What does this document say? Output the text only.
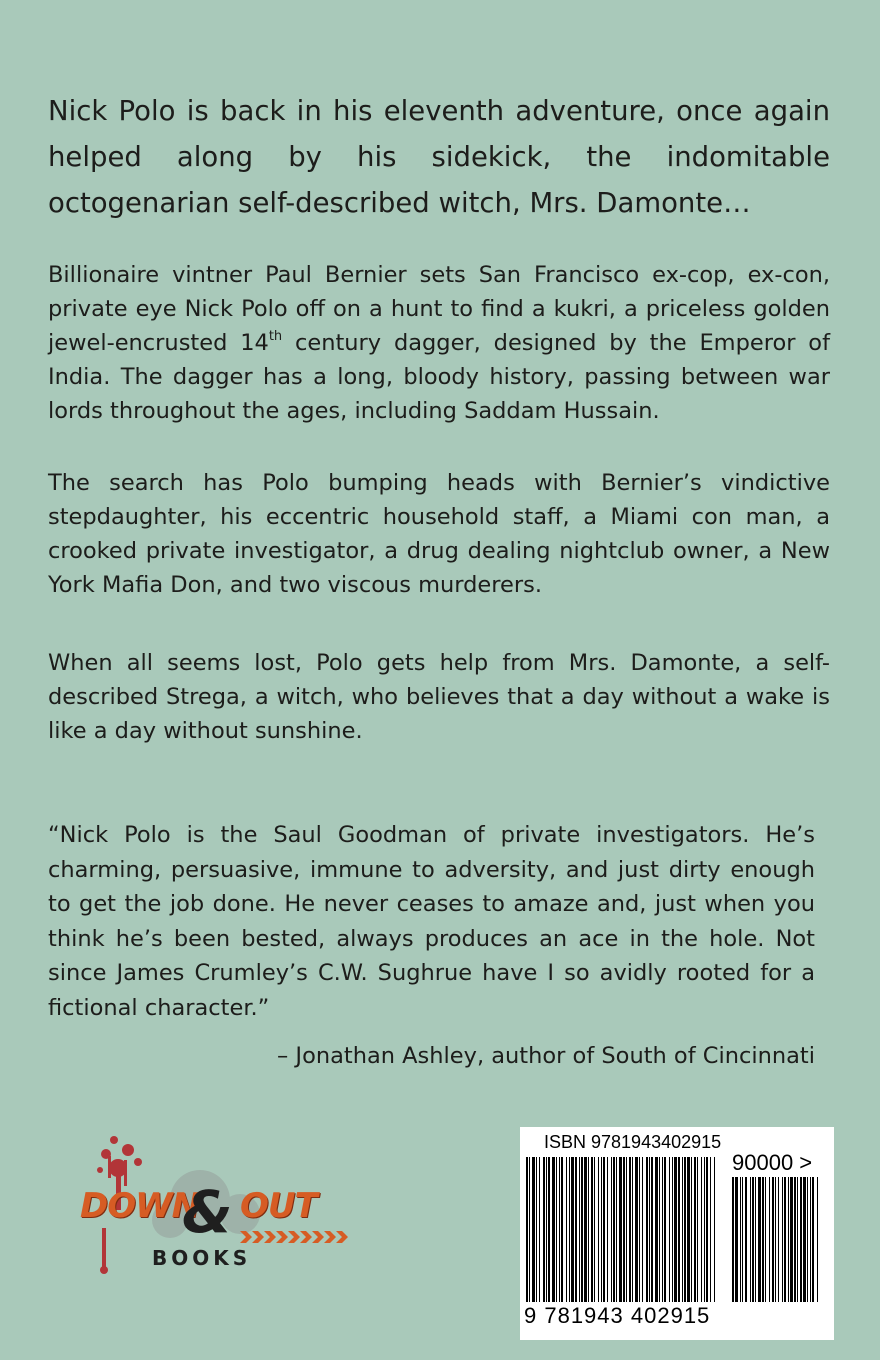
Nick Polo is back in his eleventh adventure, once again helped along by his sidekick, the indomitable octogenarian self-described witch, Mrs. Damonte…

Billionaire vintner Paul Bernier sets San Francisco ex-cop, ex-con, private eye Nick Polo off on a hunt to find a kukri, a priceless golden jewel-encrusted 14th century dagger, designed by the Emperor of India. The dagger has a long, bloody history, passing between war lords throughout the ages, including Saddam Hussain.

The search has Polo bumping heads with Bernier’s vindictive stepdaughter, his eccentric household staff, a Miami con man, a crooked private investigator, a drug dealing nightclub owner, a New York Mafia Don, and two viscous murderers.

When all seems lost, Polo gets help from Mrs. Damonte, a self-described Strega, a witch, who believes that a day without a wake is like a day without sunshine.

“Nick Polo is the Saul Goodman of private investigators. He’s charming, persuasive, immune to adversity, and just dirty enough to get the job done. He never ceases to amaze and, just when you think he’s been bested, always produces an ace in the hole. Not since James Crumley’s C.W. Sughrue have I so avidly rooted for a fictional character.”

– Jonathan Ashley, author of South of Cincinnati

DOWN
& OUT
BOOKS
ISBN 9781943402915
90000 >
9 781943 402915
